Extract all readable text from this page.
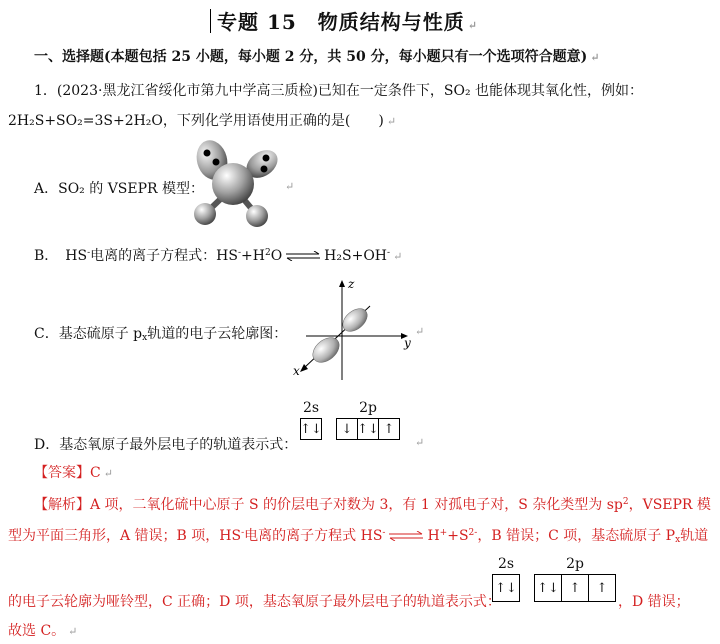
专题 15　物质结构与性质 ↵
一、选择题(本题包括 25 小题，每小题 2 分，共 50 分，每小题只有一个选项符合题意) ↵
1．(2023·黑龙江省绥化市第九中学高三质检)已知在一定条件下，SO₂ 也能体现其氧化性，例如：
2H₂S+SO₂=3S+2H₂O，下列化学用语使用正确的是(　　) ↵
A．SO₂ 的 VSEPR 模型：	↵
B． HS-电离的离子方程式：$HS^-+H^2O$ ⇌ H₂S+OH- ↵
C．基态硫原子 $p_x$轨道的电子云轮廓图：
z
y
x
↵
D．基态氧原子最外层电子的轨道表示式：
2s
↑↓
2p
↓ ↑↓ ↑
↵
【答案】C ↵
【解析】A 项，二氧化硫中心原子 S 的价层电子对数为 3，有 1 对孤电子对，S 杂化类型为 $sp^2$，VSEPR 模
型为平面三角形，A 错误；B 项，HS-电离的离子方程式 HS- ⇌ $H^++S^{2-}$，B 错误；C 项，基态硫原子 $P_x$轨道
的电子云轮廓为哑铃型，C 正确；D 项，基态氧原子最外层电子的轨道表示式：
2s
↑↓
2p
↑↓ ↑	↑
，D 错误；
故选 C。 ↵
